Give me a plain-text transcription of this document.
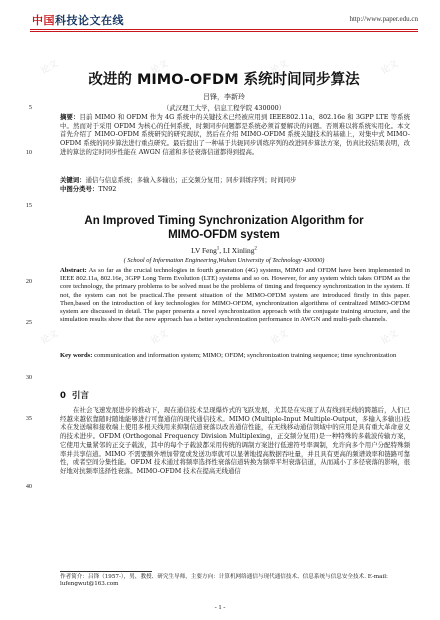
中国科技论文在线	http://www.paper.edu.cn
改进的 MIMO-OFDM 系统时间同步算法
吕锋，李新玲
（武汉理工大学，信息工程学院 430000）
5
10
15
20
25
30
35
40
摘要：目前 MIMO 和 OFDM 作为 4G 系统中的关键技术已经被应用到 IEEE802.11a、802.16e 和 3GPP LTE 等系统中。然而对于采用 OFDM 为核心的任何系统，时频同步问题都是系统必须首要解决的问题。否则难以将系统实用化。本文首先介绍了 MIMO-OFDM 系统研究的研究现状，然后在介绍 MIMO-OFDM 系统关键技术的基础上，对集中式 MIMO-OFDM 系统的同步算法进行重点研究。最后提出了一种基于共轭同步训练序列的改进同步算法方案，仿真比较结果表明，改进的算法的定时同步性能在 AWGN 信道和多径衰落信道都得到提高。
关键词：通信与信息系统；多输入多输出；正交频分复用；同步训练序列；时间同步
中图分类号：TN92
An Improved Timing Synchronization Algorithm for
MIMO-OFDM system
LV Feng$^1$, LI Xinling$^2$
( School of Information Engineering,Wuhan University of Technology 430000)
Abstract: As so far as the crucial technologies in fourth generation (4G) systems, MIMO and OFDM have been implemented in IEEE 802.11a, 802.16e, 3GPP Long Term Evolution (LTE) systems and so on. However, for any system which takes OFDM as the core technology, the primary problems to be solved must be the problems of timing and frequency synchronization in the system. If not, the system can not be practical.The present situation of the MIMO-OFDM system are introduced firstly in this paper. Then,based on the introduction of key technologies for MIMO-OFDM, synchronization algorithms of centralized MIMO-OFDM system are discussed in detail. The paper presents a novel synchronization approach with the conjugate training structure, and the simulation results show that the new approach has a better synchronization performance in AWGN and multi-path channels.
Key words: communication and information system; MIMO; OFDM; synchronization training sequence; time synchronization
0 引言
在社会飞速发展进步的推动下，现在通信技术呈现爆炸式的飞跃发展，尤其是在实现了从有线到无线的跨越后，人们已经越来越依靠随时随地能够进行可靠通信的现代通信技术。MIMO (Multiple-Input Multiple-Output，多输入多输出)技术在发送端和接收端上使用多根天线用来抑制信道衰落以改善通信性能，在无线移动通信领域中的应用是具有重大革命意义的技术进步。OFDM (Orthogonal Frequency Division Multiplexing，正交频分复用)是一种特殊的多载波传输方案，它使用大量紧邻的正交子载波，其中的每个子载波都采用传统的调制方案进行低速符号率调制，允许向多个用户分配特殊频率并共享信道。MIMO 不需要额外增加带宽或发送功率就可以显著地提高数据吞吐量，并且具有更高的频谱效率和链路可靠性，或者空间分集性能。OFDM 技术通过将频率选择性衰落信道转换为频率平坦衰落信道，从而减小了多径衰落的影响，很好地对抗频率选择性衰落。MIMO-OFDM 技术在提高无线通信
作者简介：吕锋（1957-），男，教授、研究生导师，主要方向：计算机网络通信与现代通信技术、信息系统与信息安全技术. E-mail: lufengwut@163.com
- 1 -
论文	论文	论文	论文
论文	论文	论文	论文
